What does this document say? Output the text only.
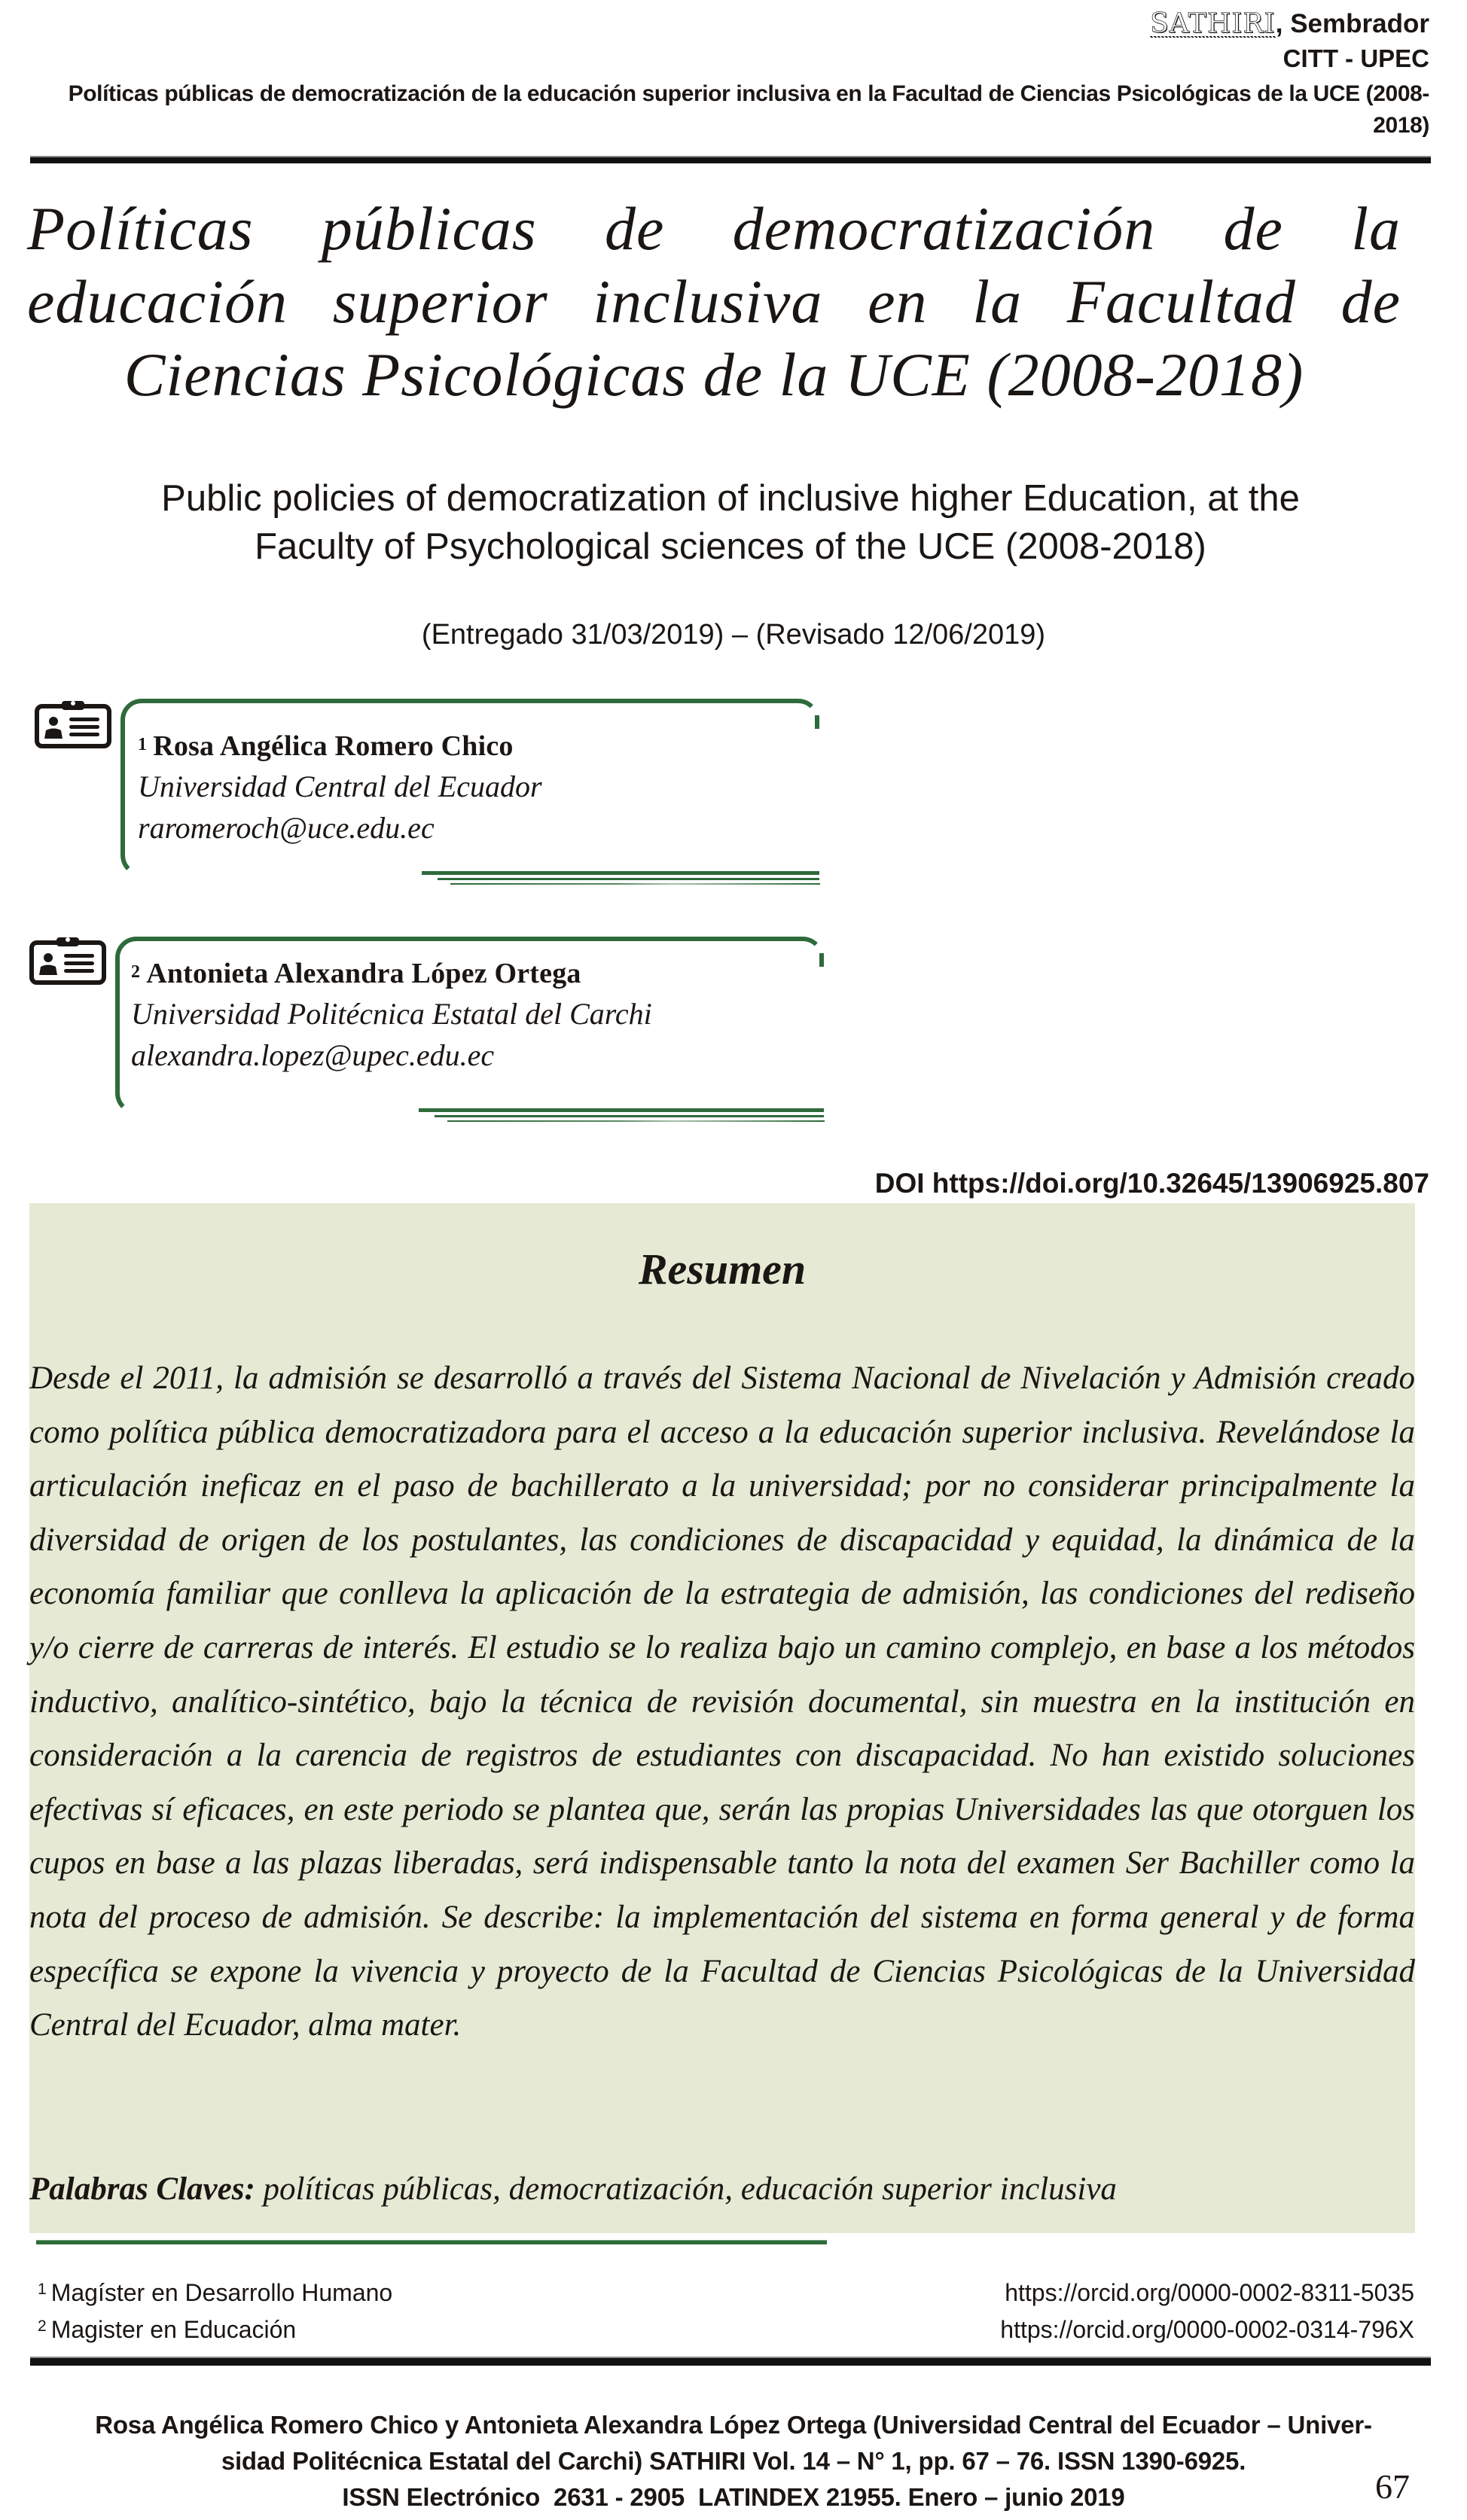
SATHIRI, Sembrador
CITT - UPEC
Políticas públicas de democratización de la educación superior inclusiva en la Facultad de Ciencias Psicológicas de la UCE (2008-2018)
Políticas públicas de democratización de la educación superior inclusiva en la Facultad de
Ciencias Psicológicas de la UCE (2008-2018)
Public policies of democratization of inclusive higher Education, at the
Faculty of Psychological sciences of the UCE (2008-2018)
(Entregado 31/03/2019) – (Revisado 12/06/2019)
$^1$ Rosa Angélica Romero Chico
Universidad Central del Ecuador
raromeroch@uce.edu.ec
$^2$ Antonieta Alexandra López Ortega
Universidad Politécnica Estatal del Carchi
alexandra.lopez@upec.edu.ec
DOI https://doi.org/10.32645/13906925.807
Resumen
Desde el 2011, la admisión se desarrolló a través del Sistema Nacional de Nivelación y Admisión creado como política pública democratizadora para el acceso a la educación superior inclusiva. Revelándose la articulación ineficaz en el paso de bachillerato a la universidad; por no considerar principalmente la diversidad de origen de los postulantes, las condiciones de discapacidad y equidad, la dinámica de la economía familiar que conlleva la aplicación de la estrategia de admisión, las condiciones del rediseño y/o cierre de carreras de interés. El estudio se lo realiza bajo un camino complejo, en base a los métodos inductivo, analítico-sintético, bajo la técnica de revisión documental, sin muestra en la institución en consideración a la carencia de registros de estudiantes con discapacidad. No han existido soluciones efectivas sí eficaces, en este periodo se plantea que, serán las propias Universidades las que otorguen los cupos en base a las plazas liberadas, será indispensable tanto la nota del examen Ser Bachiller como la nota del proceso de admisión. Se describe: la implementación del sistema en forma general y de forma específica se expone la vivencia y proyecto de la Facultad de Ciencias Psicológicas de la Universidad Central del Ecuador, alma mater.
Palabras Claves: políticas públicas, democratización, educación superior inclusiva
$^1$ Magíster en Desarrollo Humano
$^2$ Magister en Educación
https://orcid.org/0000-0002-8311-5035
https://orcid.org/0000-0002-0314-796X
Rosa Angélica Romero Chico y Antonieta Alexandra López Ortega (Universidad Central del Ecuador – Univer-
sidad Politécnica Estatal del Carchi) SATHIRI Vol. 14 – N° 1, pp. 67 – 76. ISSN 1390-6925.
ISSN Electrónico  2631 - 2905  LATINDEX 21955. Enero – junio 2019	67
